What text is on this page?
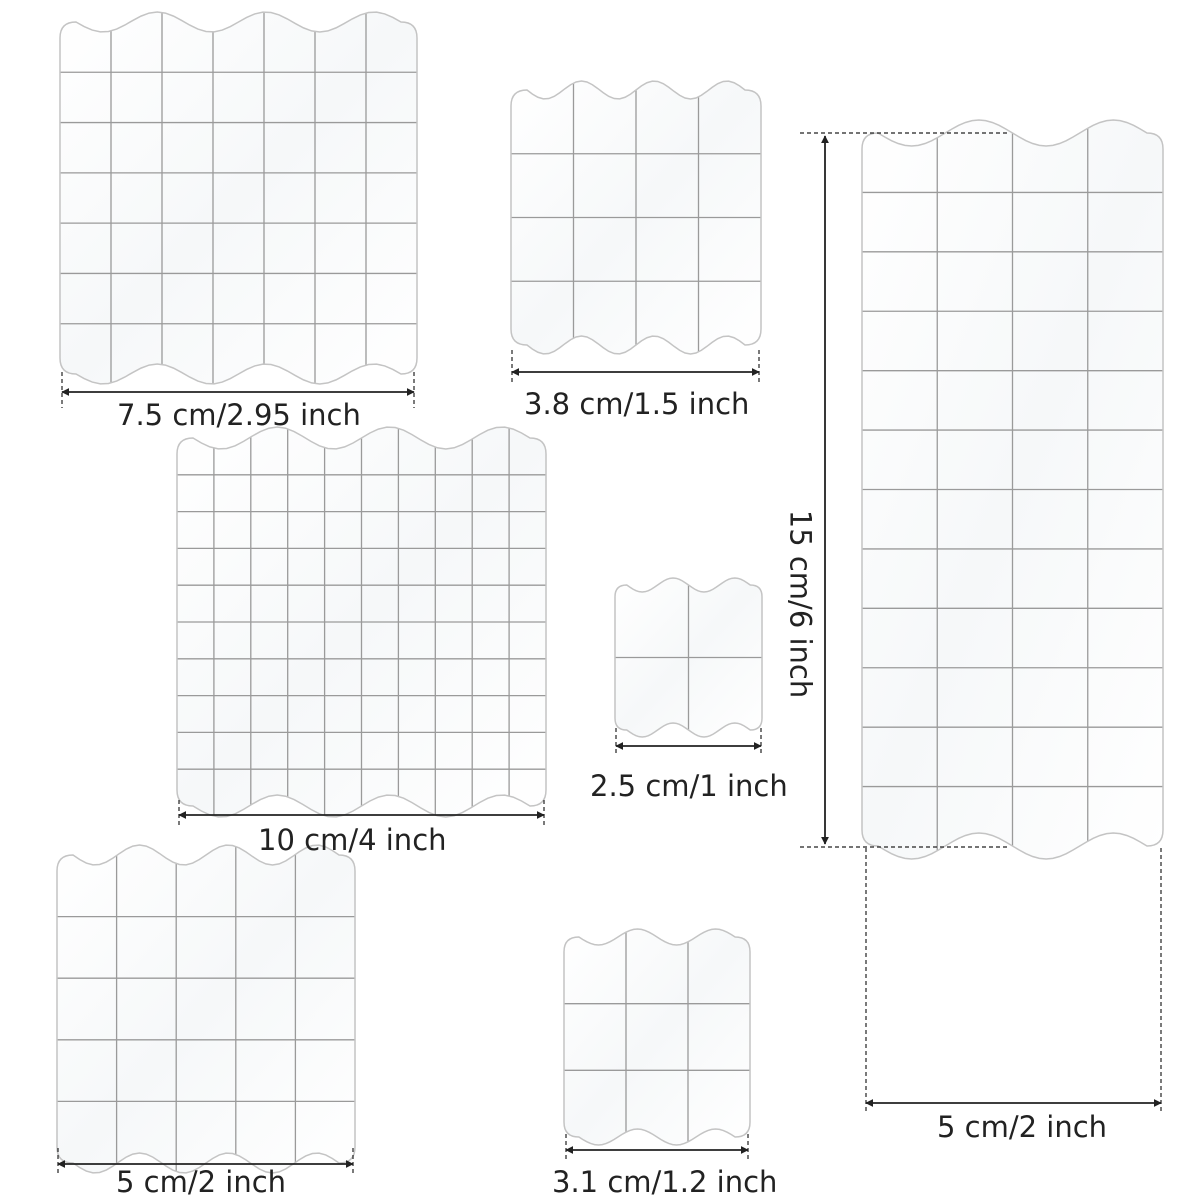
7.5 cm/2.95 inch	3.8 cm/1.5 inch
10 cm/4 inch
2.5 cm/1 inch
5 cm/2 inch	3.1 cm/1.2 inch
5 cm/2 inch
15 cm/6 inch
